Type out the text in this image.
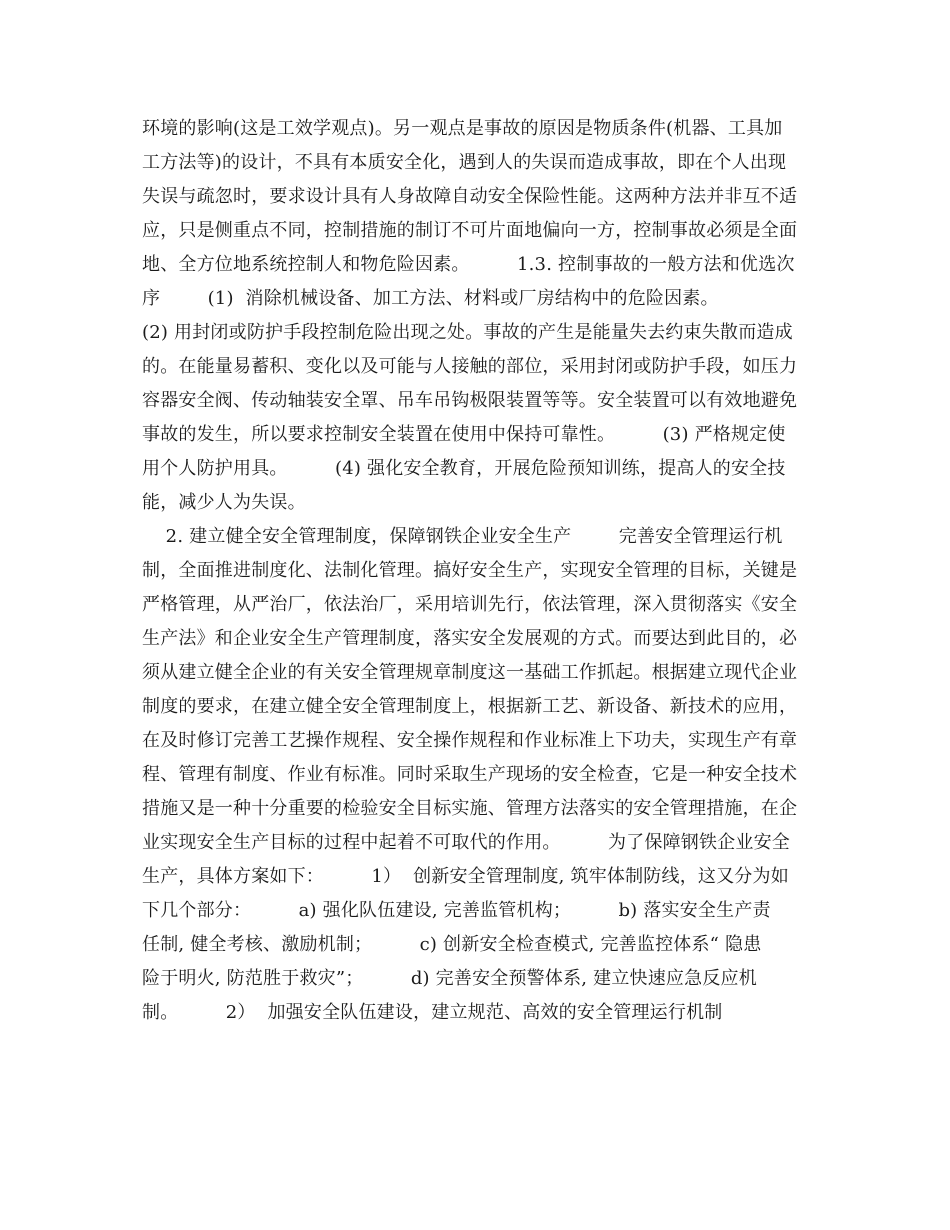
环境的影响(这是工效学观点)。另一观点是事故的原因是物质条件(机器、工具加
工方法等)的设计，不具有本质安全化，遇到人的失误而造成事故，即在个人出现
失误与疏忽时，要求设计具有人身故障自动安全保险性能。这两种方法并非互不适
应，只是侧重点不同，控制措施的制订不可片面地偏向一方，控制事故必须是全面
地、全方位地系统控制人和物危险因素。        1.3. 控制事故的一般方法和优选次
序        (1)  消除机械设备、加工方法、材料或厂房结构中的危险因素。
(2) 用封闭或防护手段控制危险出现之处。事故的产生是能量失去约束失散而造成
的。在能量易蓄积、变化以及可能与人接触的部位，采用封闭或防护手段，如压力
容器安全阀、传动轴装安全罩、吊车吊钩极限装置等等。安全装置可以有效地避免
事故的发生，所以要求控制安全装置在使用中保持可靠性。        (3) 严格规定使
用个人防护用具。        (4) 强化安全教育，开展危险预知训练，提高人的安全技
能，减少人为失误。
2. 建立健全安全管理制度，保障钢铁企业安全生产        完善安全管理运行机
制，全面推进制度化、法制化管理。搞好安全生产，实现安全管理的目标，关键是
严格管理，从严治厂，依法治厂，采用培训先行，依法管理，深入贯彻落实《安全
生产法》和企业安全生产管理制度，落实安全发展观的方式。而要达到此目的，必
须从建立健全企业的有关安全管理规章制度这一基础工作抓起。根据建立现代企业
制度的要求，在建立健全安全管理制度上，根据新工艺、新设备、新技术的应用，
在及时修订完善工艺操作规程、安全操作规程和作业标准上下功夫，实现生产有章
程、管理有制度、作业有标准。同时采取生产现场的安全检查，它是一种安全技术
措施又是一种十分重要的检验安全目标实施、管理方法落实的安全管理措施，在企
业实现安全生产目标的过程中起着不可取代的作用。        为了保障钢铁企业安全
生产，具体方案如下：        1）  创新安全管理制度, 筑牢体制防线，这又分为如
下几个部分：        a) 强化队伍建设, 完善监管机构；        b) 落实安全生产责
任制, 健全考核、激励机制；        c) 创新安全检查模式, 完善监控体系“ 隐患
险于明火, 防范胜于救灾”；        d) 完善安全预警体系, 建立快速应急反应机
制。        2）  加强安全队伍建设，建立规范、高效的安全管理运行机制
